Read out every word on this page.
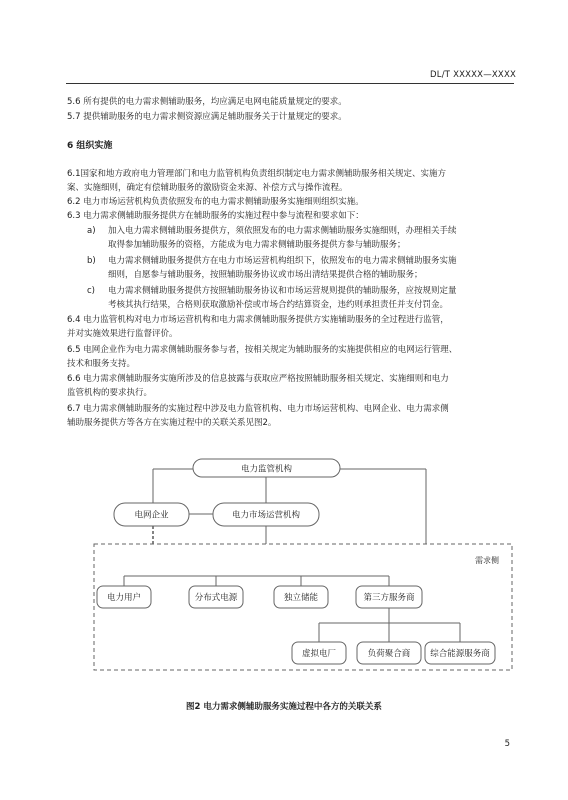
DL/T XXXXX—XXXX
5.6 所有提供的电力需求侧辅助服务，均应满足电网电能质量规定的要求。
5.7 提供辅助服务的电力需求侧资源应满足辅助服务关于计量规定的要求。
6 组织实施
6.1国家和地方政府电力管理部门和电力监管机构负责组织制定电力需求侧辅助服务相关规定、实施方
案、实施细则，确定有偿辅助服务的激励资金来源、补偿方式与操作流程。
6.2 电力市场运营机构负责依照发布的电力需求侧辅助服务实施细则组织实施。
6.3 电力需求侧辅助服务提供方在辅助服务的实施过程中参与流程和要求如下：
a) 加入电力需求侧辅助服务提供方，须依照发布的电力需求侧辅助服务实施细则，办理相关手续
取得参加辅助服务的资格，方能成为电力需求侧辅助服务提供方参与辅助服务；
b) 电力需求侧辅助服务提供方在电力市场运营机构组织下，依照发布的电力需求侧辅助服务实施
细则，自愿参与辅助服务，按照辅助服务协议或市场出清结果提供合格的辅助服务；
c) 电力需求侧辅助服务提供方按照辅助服务协议和市场运营规则提供的辅助服务，应按规则定量
考核其执行结果，合格则获取激励补偿或市场合约结算资金，违约则承担责任并支付罚金。
6.4 电力监管机构对电力市场运营机构和电力需求侧辅助服务提供方实施辅助服务的全过程进行监管，
并对实施效果进行监督评价。
6.5 电网企业作为电力需求侧辅助服务参与者，按相关规定为辅助服务的实施提供相应的电网运行管理、
技术和服务支持。
6.6 电力需求侧辅助服务实施所涉及的信息披露与获取应严格按照辅助服务相关规定、实施细则和电力
监管机构的要求执行。
6.7 电力需求侧辅助服务的实施过程中涉及电力监管机构、电力市场运营机构、电网企业、电力需求侧
辅助服务提供方等各方在实施过程中的关联关系见图2。
电力监管机构
电网企业	电力市场运营机构
需求侧
电力用户	分布式电源	独立储能	第三方服务商
虚拟电厂	负荷聚合商 综合能源服务商
图2 电力需求侧辅助服务实施过程中各方的关联关系
5
